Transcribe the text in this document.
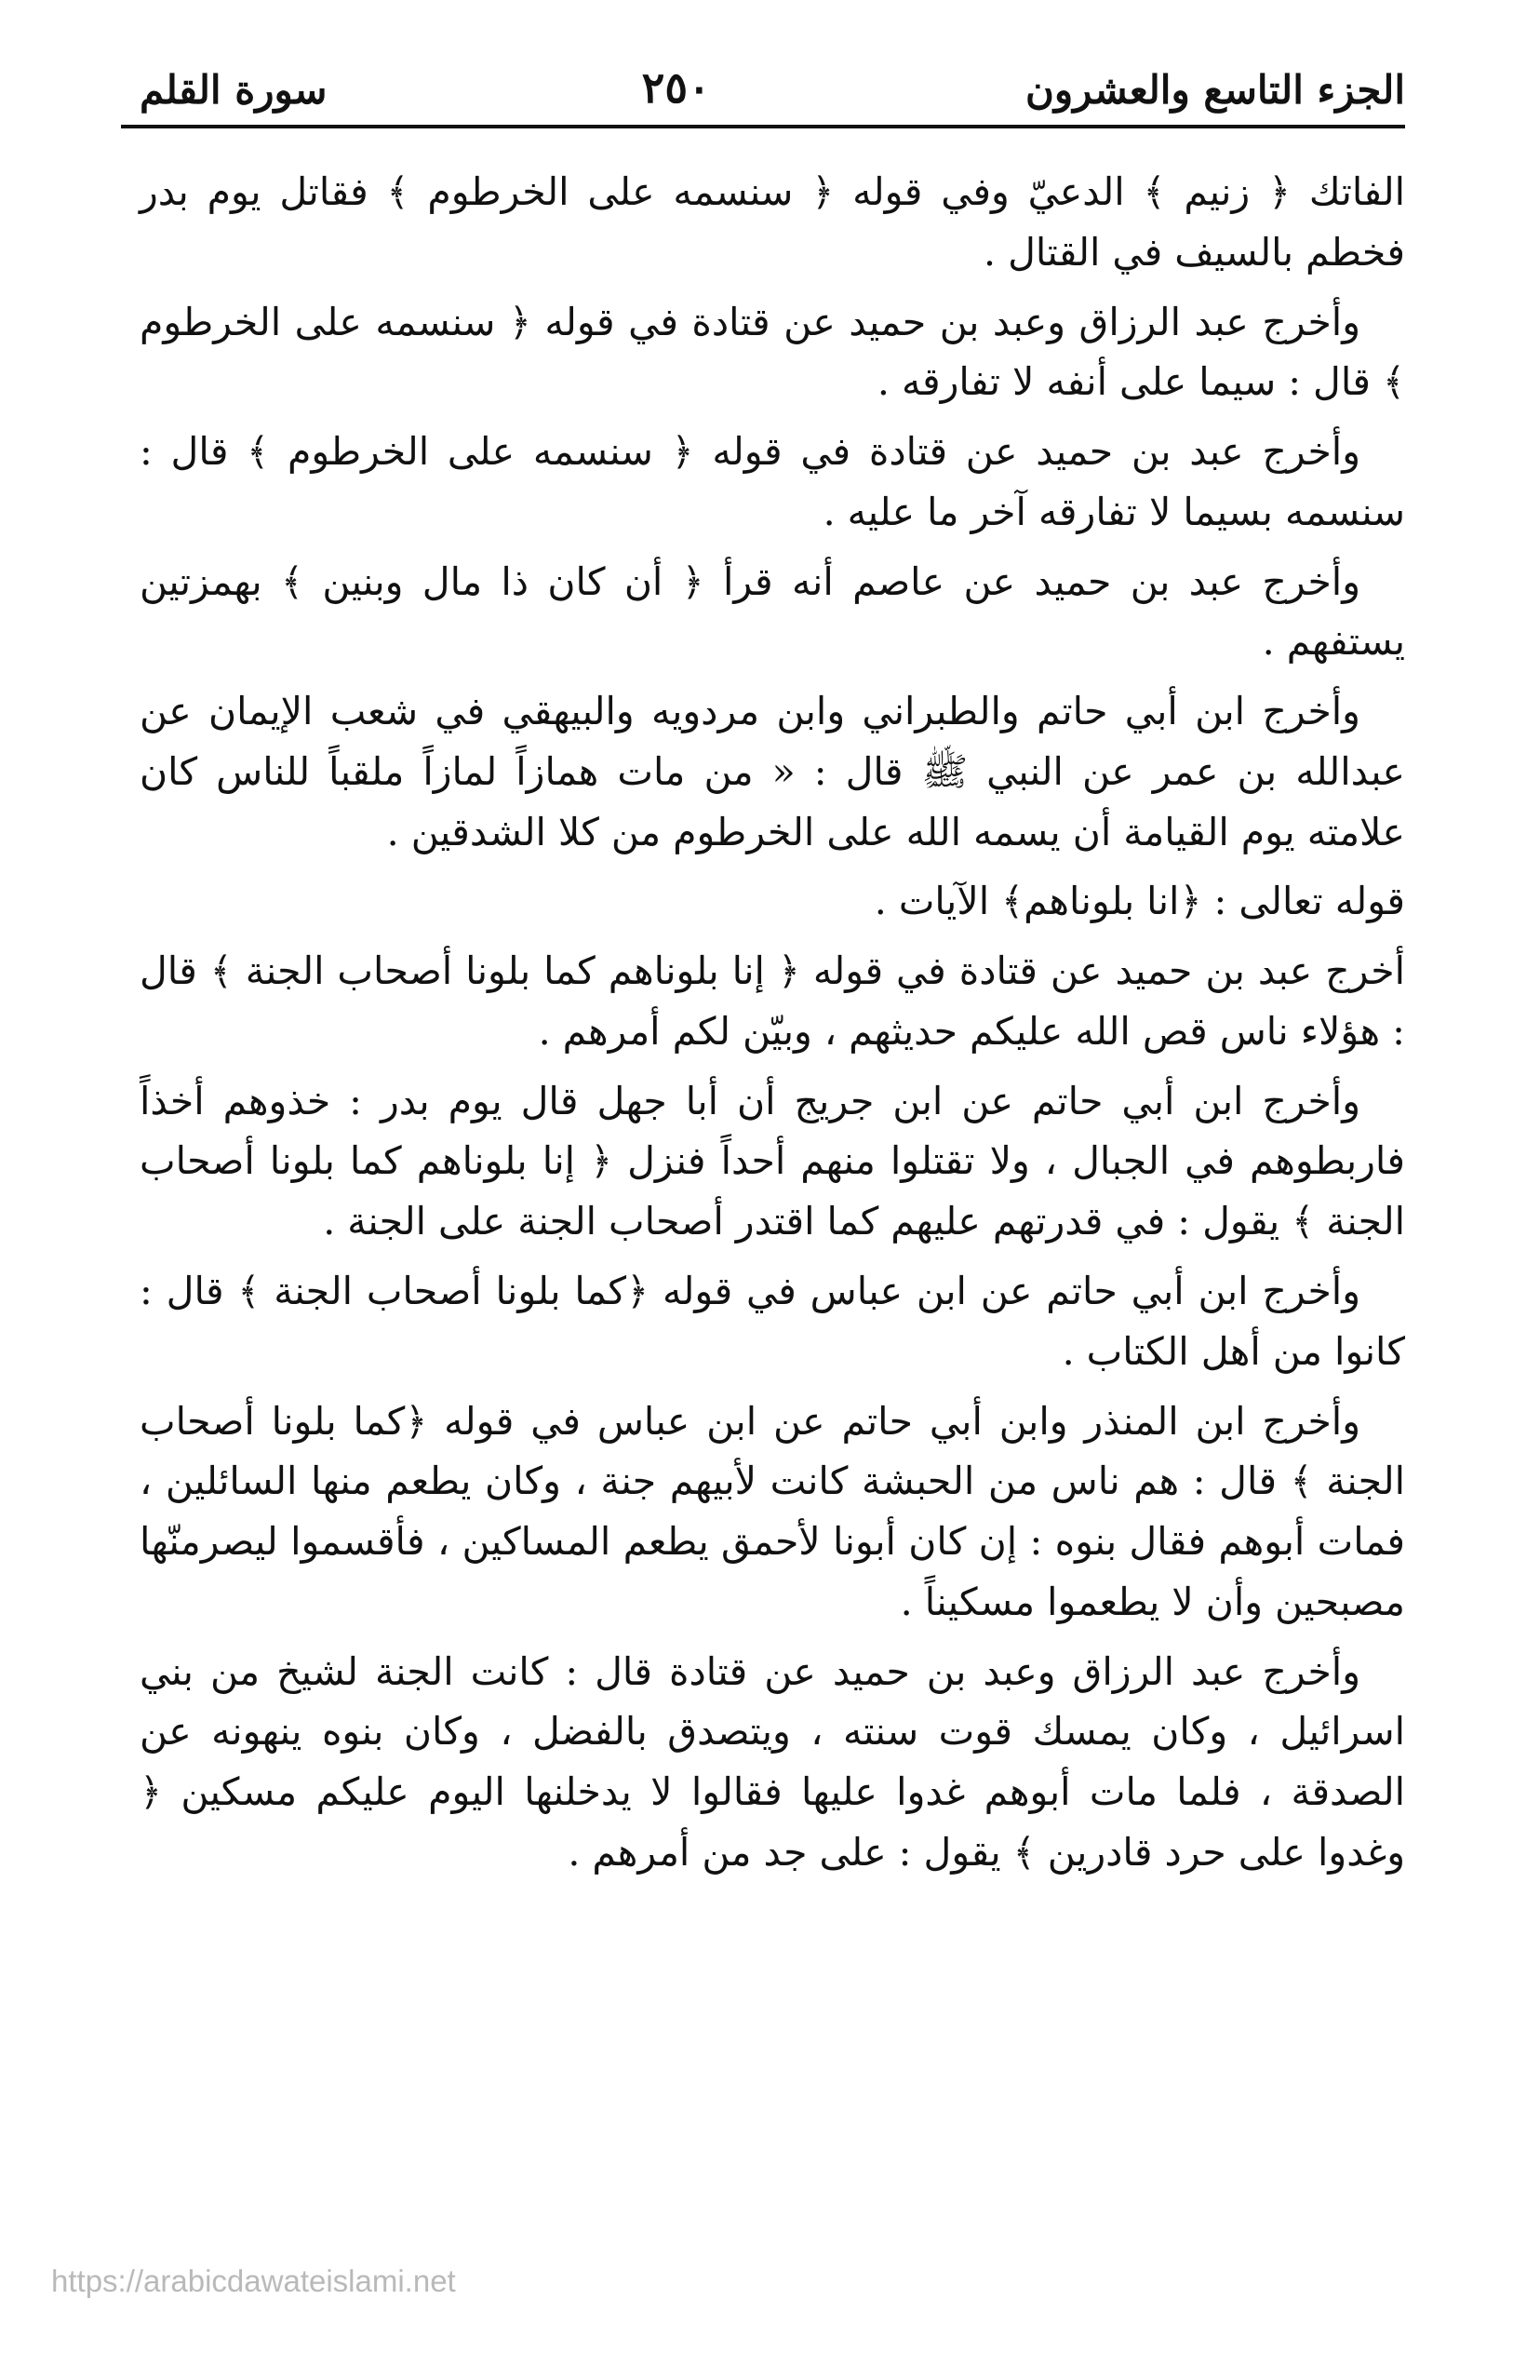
الجزء التاسع والعشرون
٢٥٠
سورة القلم

الفاتك ﴿ زنيم ﴾ الدعيّ وفي قوله ﴿ سنسمه على الخرطوم ﴾ فقاتل يوم بدر فخطم بالسيف في القتال .

وأخرج عبد الرزاق وعبد بن حميد عن قتادة في قوله ﴿ سنسمه على الخرطوم ﴾ قال : سيما على أنفه لا تفارقه .

وأخرج عبد بن حميد عن قتادة في قوله ﴿ سنسمه على الخرطوم ﴾ قال : سنسمه بسيما لا تفارقه آخر ما عليه .

وأخرج عبد بن حميد عن عاصم أنه قرأ ﴿ أن كان ذا مال وبنين ﴾ بهمزتين يستفهم .

وأخرج ابن أبي حاتم والطبراني وابن مردويه والبيهقي في شعب الإيمان عن عبدالله بن عمر عن النبي ﷺ قال : « من مات همازاً لمازاً ملقباً للناس كان علامته يوم القيامة أن يسمه الله على الخرطوم من كلا الشدقين .

قوله تعالى : ﴿انا بلوناهم﴾ الآيات .

أخرج عبد بن حميد عن قتادة في قوله ﴿ إنا بلوناهم كما بلونا أصحاب الجنة ﴾ قال : هؤلاء ناس قص الله عليكم حديثهم ، وبيّن لكم أمرهم .

وأخرج ابن أبي حاتم عن ابن جريج أن أبا جهل قال يوم بدر : خذوهم أخذاً فاربطوهم في الجبال ، ولا تقتلوا منهم أحداً فنزل ﴿ إنا بلوناهم كما بلونا أصحاب الجنة ﴾ يقول : في قدرتهم عليهم كما اقتدر أصحاب الجنة على الجنة .

وأخرج ابن أبي حاتم عن ابن عباس في قوله ﴿كما بلونا أصحاب الجنة ﴾ قال : كانوا من أهل الكتاب .

وأخرج ابن المنذر وابن أبي حاتم عن ابن عباس في قوله ﴿كما بلونا أصحاب الجنة ﴾ قال : هم ناس من الحبشة كانت لأبيهم جنة ، وكان يطعم منها السائلين ، فمات أبوهم فقال بنوه : إن كان أبونا لأحمق يطعم المساكين ، فأقسموا ليصرمنّها مصبحين وأن لا يطعموا مسكيناً .

وأخرج عبد الرزاق وعبد بن حميد عن قتادة قال : كانت الجنة لشيخ من بني اسرائيل ، وكان يمسك قوت سنته ، ويتصدق بالفضل ، وكان بنوه ينهونه عن الصدقة ، فلما مات أبوهم غدوا عليها فقالوا لا يدخلنها اليوم عليكم مسكين ﴿ وغدوا على حرد قادرين ﴾ يقول : على جد من أمرهم .

https://arabicdawateislami.net
